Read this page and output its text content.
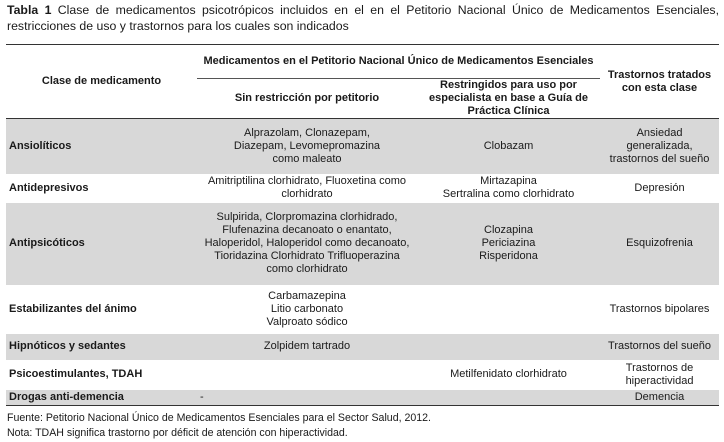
Tabla 1 Clase de medicamentos psicotrópicos incluidos en el en el Petitorio Nacional Único de Medicamentos Esenciales, restricciones de uso y trastornos para los cuales son indicados
Clase de medicamento	Medicamentos en el Petitorio Nacional Único de Medicamentos Esenciales		Trastornos tratados con esta clase
	Sin restricción por petitorio	Restringidos para uso por especialista en base a Guía de Práctica Clínica	
Ansiolíticos	Alprazolam, Clonazepam,
Diazepam, Levomepromazina
como maleato	Clobazam	Ansiedad
generalizada,
trastornos del sueño
Antidepresivos	Amitriptilina clorhidrato, Fluoxetina como
clorhidrato	Mirtazapina
Sertralina como clorhidrato	Depresión
Antipsicóticos	Sulpirida, Clorpromazina clorhidrado,
Flufenazina decanoato o enantato,
Haloperidol, Haloperidol como decanoato,
Tioridazina Clorhidrato Trifluoperazina
como clorhidrato	Clozapina
Periciazina
Risperidona	Esquizofrenia
Estabilizantes del ánimo	Carbamazepina
Litio carbonato
Valproato sódico		Trastornos bipolares
Hipnóticos y sedantes	Zolpidem tartrado		Trastornos del sueño
Psicoestimulantes, TDAH		Metilfenidato clorhidrato	Trastornos de
hiperactividad
Drogas anti-demencia	-		Demencia
Fuente: Petitorio Nacional Único de Medicamentos Esenciales para el Sector Salud, 2012.
Nota: TDAH significa trastorno por déficit de atención con hiperactividad.
